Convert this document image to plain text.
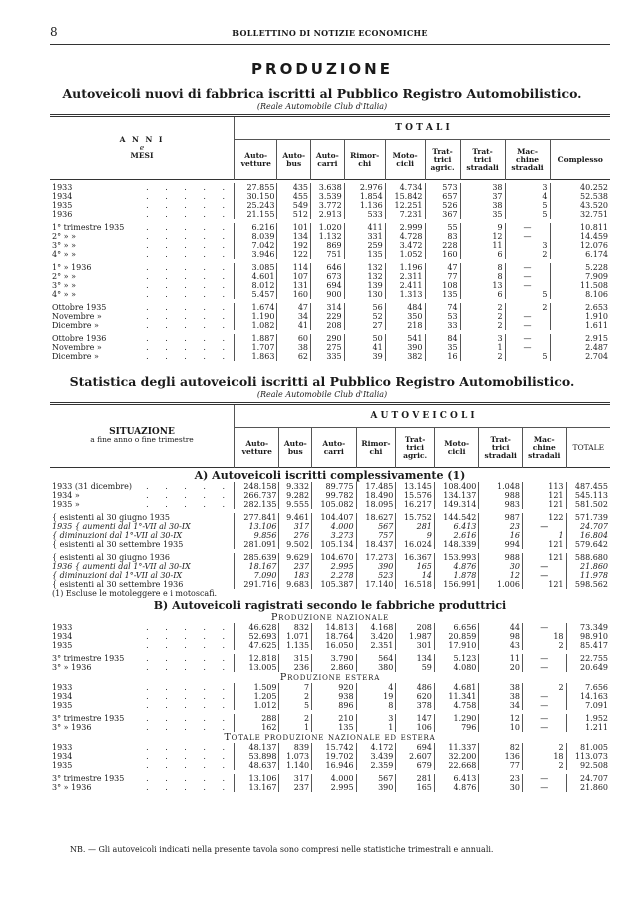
8	BOLLETTINO DI NOTIZIE ECONOMICHE
PRODUZIONE
Autoveicoli nuovi di fabbrica iscritti al Pubblico Registro Automobilistico.
(Reale Automobile Club d'Italia)
A N N I
e
MESI	T O T A L I								
	Auto-
vetture	Auto-
bus	Auto-
carri	Rimor-
chi	Moto-
cicli	Trat-
trici
agric.	Trat-
trici
stradali	Mac-
chine
stradali	Complesso

1933 . . . . .	27.855	435	3.638	2.976	4.734	573	38	3	40.252
1934 . . . . .	30.150	455	3.539	1.854	15.842	657	37	4	52.538
1935 . . . . .	25.243	549	3.772	1.136	12.251	526	38	5	43.520
1936 . . . . .	21.155	512	2.913	533	7.231	367	35	5	32.751
1° trimestre 1935 . . . . .	6.216	101	1.020	411	2.999	55	9	—	10.811
2° » » . . . . .	8.039	134	1.132	331	4.728	83	12	—	14.459
3° » » . . . . .	7.042	192	869	259	3.472	228	11	3	12.076
4° » » . . . . .	3.946	122	751	135	1.052	160	6	2	6.174
1° » 1936 . . . . .	3.085	114	646	132	1.196	47	8	—	5.228
2° » » . . . . .	4.601	107	673	132	2.311	77	8	—	7.909
3° » » . . . . .	8.012	131	694	139	2.411	108	13	—	11.508
4° » » . . . . .	5.457	160	900	130	1.313	135	6	5	8.106
Ottobre 1935 . . . . .	1.674	47	314	56	484	74	2	2	2.653
Novembre » . . . . .	1.190	34	229	52	350	53	2	—	1.910
Dicembre » . . . . .	1.082	41	208	27	218	33	2	—	1.611
Ottobre 1936 . . . . .	1.887	60	290	50	541	84	3	—	2.915
Novembre » . . . . .	1.707	38	275	41	390	35	1	—	2.487
Dicembre » . . . . .	1.863	62	335	39	382	16	2	5	2.704
Statistica degli autoveicoli iscritti al Pubblico Registro Automobilistico.
(Reale Automobile Club d'Italia)
SITUAZIONE
a fine anno o fine trimestre	A U T O V E I C O L I								
	Auto-
vetture	Auto-
bus	Auto-
carri	Rimor-
chi	Trat-
trici
agric.	Moto-
cicli	Trat-
trici
stradali	Mac-
chine
stradali	TOTALE
A) Autoveicoli iscritti complessivamente (1)									
1933 (31 dicembre) . . . . .	248.158	9.332	89.775	17.485	13.145	108.400	1.048	113	487.455
1934 » . . . . .	266.737	9.282	99.782	18.490	15.576	134.137	988	121	545.113
1935 » . . . . .	282.135	9.555	105.082	18.095	16.217	149.314	983	121	581.502
{ esistenti al 30 giugno 1935	277.841	9.461	104.407	18.627	15.752	144.542	987	122	571.739
1935 { aumenti dal 1°-VII al 30-IX	13.106	317	4.000	567	281	6.413	23	—	24.707
{ diminuzioni dal 1°-VII al 30-IX	9.856	276	3.273	757	9	2.616	16	1	16.804
{ esistenti al 30 settembre 1935	281.091	9.502	105.134	18.437	16.024	148.339	994	121	579.642
{ esistenti al 30 giugno 1936	285.639	9.629	104.670	17.273	16.367	153.993	988	121	588.680
1936 { aumenti dal 1°-VII al 30-IX	18.167	237	2.995	390	165	4.876	30	—	21.860
{ diminuzioni dal 1°-VII al 30-IX	7.090	183	2.278	523	14	1.878	12	—	11.978
{ esistenti al 30 settembre 1936	291.716	9.683	105.387	17.140	16.518	156.991	1.006	121	598.562
(1) Escluse le motoleggere e i motoscafi.									
B) Autoveicoli ragistrati secondo le fabbriche produttrici									
Produzione nazionale									
1933 . . . . .	46.628	832	14.813	4.168	208	6.656	44	—	73.349
1934 . . . . .	52.693	1.071	18.764	3.420	1.987	20.859	98	18	98.910
1935 . . . . .	47.625	1.135	16.050	2.351	301	17.910	43	2	85.417
3° trimestre 1935 . . . . .	12.818	315	3.790	564	134	5.123	11	—	22.755
3° » 1936 . . . . .	13.005	236	2.860	380	59	4.080	20	—	20.649
Produzione estera									
1933 . . . . .	1.509	7	920	4	486	4.681	38	2	7.656
1934 . . . . .	1.205	2	938	19	620	11.341	38	—	14.163
1935 . . . . .	1.012	5	896	8	378	4.758	34	—	7.091
3° trimestre 1935 . . . . .	288	2	210	3	147	1.290	12	—	1.952
3° » 1936 . . . . .	162	1	135	1	106	796	10	—	1.211
Totale produzione nazionale ed estera									
1933 . . . . .	48.137	839	15.742	4.172	694	11.337	82	2	81.005
1934 . . . . .	53.898	1.073	19.702	3.439	2.607	32.200	136	18	113.073
1935 . . . . .	48.637	1.140	16.946	2.359	679	22.668	77	2	92.508
3° trimestre 1935 . . . . .	13.106	317	4.000	567	281	6.413	23	—	24.707
3° » 1936 . . . . .	13.167	237	2.995	390	165	4.876	30	—	21.860
NB. — Gli autoveicoli indicati nella presente tavola sono compresi nelle statistiche trimestrali e annuali.
